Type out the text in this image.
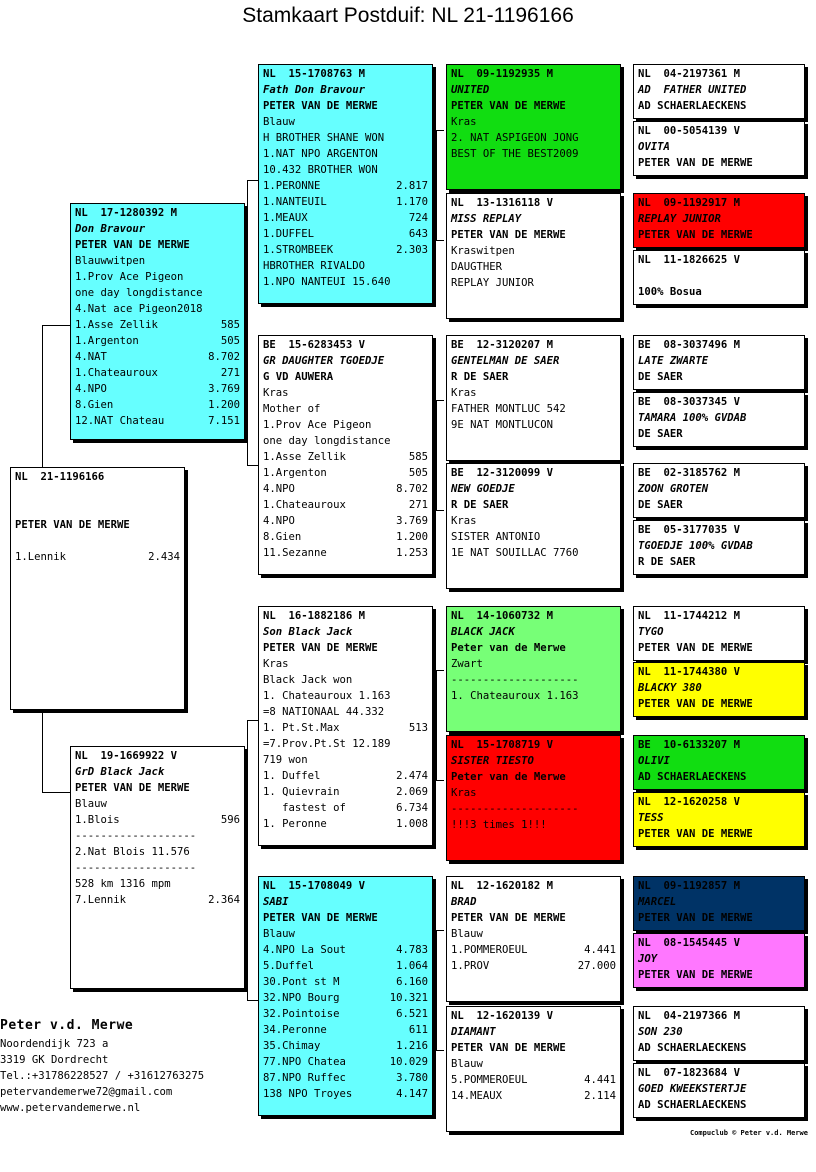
Stamkaart Postduif: NL 21-1196166
NL  21-1196166

PETER VAN DE MERWE

1.Lennik	2.434
NL  17-1280392 M
Don Bravour
PETER VAN DE MERWE
Blauwwitpen
1.Prov Ace Pigeon
one day longdistance
4.Nat ace Pigeon2018
1.Asse Zellik	585
1.Argenton	505
4.NAT	8.702
1.Chateauroux	271
4.NPO	3.769
8.Gien	1.200
12.NAT Chateau	7.151
NL  19-1669922 V
GrD Black Jack
PETER VAN DE MERWE
Blauw
1.Blois	596
-------------------
2.Nat Blois 11.576
-------------------
528 km 1316 mpm
7.Lennik	2.364
NL  15-1708763 M
Fath Don Bravour
PETER VAN DE MERWE
Blauw
H BROTHER SHANE WON
1.NAT NPO ARGENTON
10.432 BROTHER WON
1.PERONNE	2.817
1.NANTEUIL	1.170
1.MEAUX	724
1.DUFFEL	643
1.STROMBEEK	2.303
HBROTHER RIVALDO
1.NPO NANTEUI 15.640
BE  15-6283453 V
GR DAUGHTER TGOEDJE
G VD AUWERA
Kras
Mother of
1.Prov Ace Pigeon
one day longdistance
1.Asse Zellik	585
1.Argenton	505
4.NPO	8.702
1.Chateauroux	271
4.NPO	3.769
8.Gien	1.200
11.Sezanne	1.253
NL  16-1882186 M
Son Black Jack
PETER VAN DE MERWE
Kras
Black Jack won
1. Chateauroux 1.163
=8 NATIONAAL 44.332
1. Pt.St.Max	513
=7.Prov.Pt.St 12.189
719 won
1. Duffel	2.474
1. Quievrain	2.069
fastest of	6.734
1. Peronne	1.008
NL  15-1708049 V
SABI
PETER VAN DE MERWE
Blauw
4.NPO La Sout	4.783
5.Duffel	1.064
30.Pont st M	6.160
32.NPO Bourg	10.321
32.Pointoise	6.521
34.Peronne	611
35.Chimay	1.216
77.NPO Chatea	10.029
87.NPO Ruffec	3.780
138 NPO Troyes	4.147
NL  09-1192935 M
UNITED
PETER VAN DE MERWE
Kras
2. NAT ASPIGEON JONG
BEST OF THE BEST2009
NL  13-1316118 V
MISS REPLAY
PETER VAN DE MERWE
Kraswitpen
DAUGTHER
REPLAY JUNIOR
BE  12-3120207 M
GENTELMAN DE SAER
R DE SAER
Kras
FATHER MONTLUC 542
9E NAT MONTLUCON
BE  12-3120099 V
NEW GOEDJE
R DE SAER
Kras
SISTER ANTONIO
1E NAT SOUILLAC 7760
NL  14-1060732 M
BLACK JACK
Peter van de Merwe
Zwart
--------------------
1. Chateauroux 1.163
NL  15-1708719 V
SISTER TIESTO
Peter van de Merwe
Kras
--------------------
!!!3 times 1!!!
NL  12-1620182 M
BRAD
PETER VAN DE MERWE
Blauw
1.POMMEROEUL	4.441
1.PROV	27.000
NL  12-1620139 V
DIAMANT
PETER VAN DE MERWE
Blauw
5.POMMEROEUL	4.441
14.MEAUX	2.114
NL  04-2197361 M
AD  FATHER UNITED
AD SCHAERLAECKENS
NL  00-5054139 V
OVITA
PETER VAN DE MERWE
NL  09-1192917 M
REPLAY JUNIOR
PETER VAN DE MERWE
NL  11-1826625 V

100% Bosua
BE  08-3037496 M
LATE ZWARTE
DE SAER
BE  08-3037345 V
TAMARA 100% GVDAB
DE SAER
BE  02-3185762 M
ZOON GROTEN
DE SAER
BE  05-3177035 V
TGOEDJE 100% GVDAB
R DE SAER
NL  11-1744212 M
TYGO
PETER VAN DE MERWE
NL  11-1744380 V
BLACKY 380
PETER VAN DE MERWE
BE  10-6133207 M
OLIVI
AD SCHAERLAECKENS
NL  12-1620258 V
TESS
PETER VAN DE MERWE
NL  09-1192857 M
MARCEL
PETER VAN DE MERWE
NL  08-1545445 V
JOY
PETER VAN DE MERWE
NL  04-2197366 M
SON 230
AD SCHAERLAECKENS
NL  07-1823684 V
GOED KWEEKSTERTJE
AD SCHAERLAECKENS
Peter v.d. Merwe
Noordendijk 723 a
3319 GK Dordrecht
Tel.:+31786228527 / +31612763275
petervandemerwe72@gmail.com
www.petervandemerwe.nl
Compuclub © Peter v.d. Merwe
